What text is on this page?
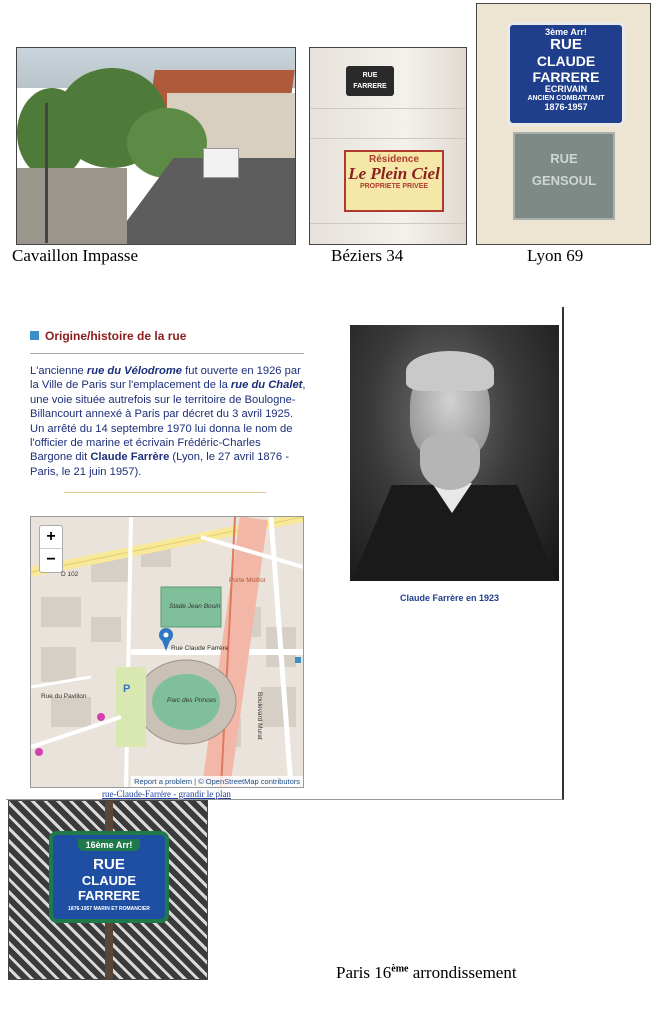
Cavaillon Impasse
RUE
FARRERE
Résidence
Le Plein Ciel
PROPRIETE PRIVEE
Béziers 34
3ème Arr!
RUE
CLAUDE FARRERE
ECRIVAIN
ANCIEN COMBATTANT
1876-1957
RUE
GENSOUL
Lyon 69
Origine/histoire de la rue
L'ancienne rue du Vélodrome fut ouverte en 1926 par la Ville de Paris sur l'emplacement de la rue du Chalet, une voie située autrefois sur le territoire de Boulogne-Billancourt annexé à Paris par décret du 3 avril 1925. Un arrêté du 14 septembre 1970 lui donna le nom de l'officier de marine et écrivain Frédéric-Charles Bargone dit Claude Farrère (Lyon, le 27 avril 1876 - Paris, le 21 juin 1957).
+
−
D 102
Stade Jean Bouin
Parc des Princes
Rue Claude Farrère
Porte Molitor
Boulevard Murat
Rue du Pavillon
P
Report a problem | © OpenStreetMap contributors
rue-Claude-Farrère - grandir le plan
Claude Farrère en 1923
16ème Arr!
RUE
CLAUDE FARRERE
1876-1957 MARIN ET ROMANCIER
Paris 16ème arrondissement
